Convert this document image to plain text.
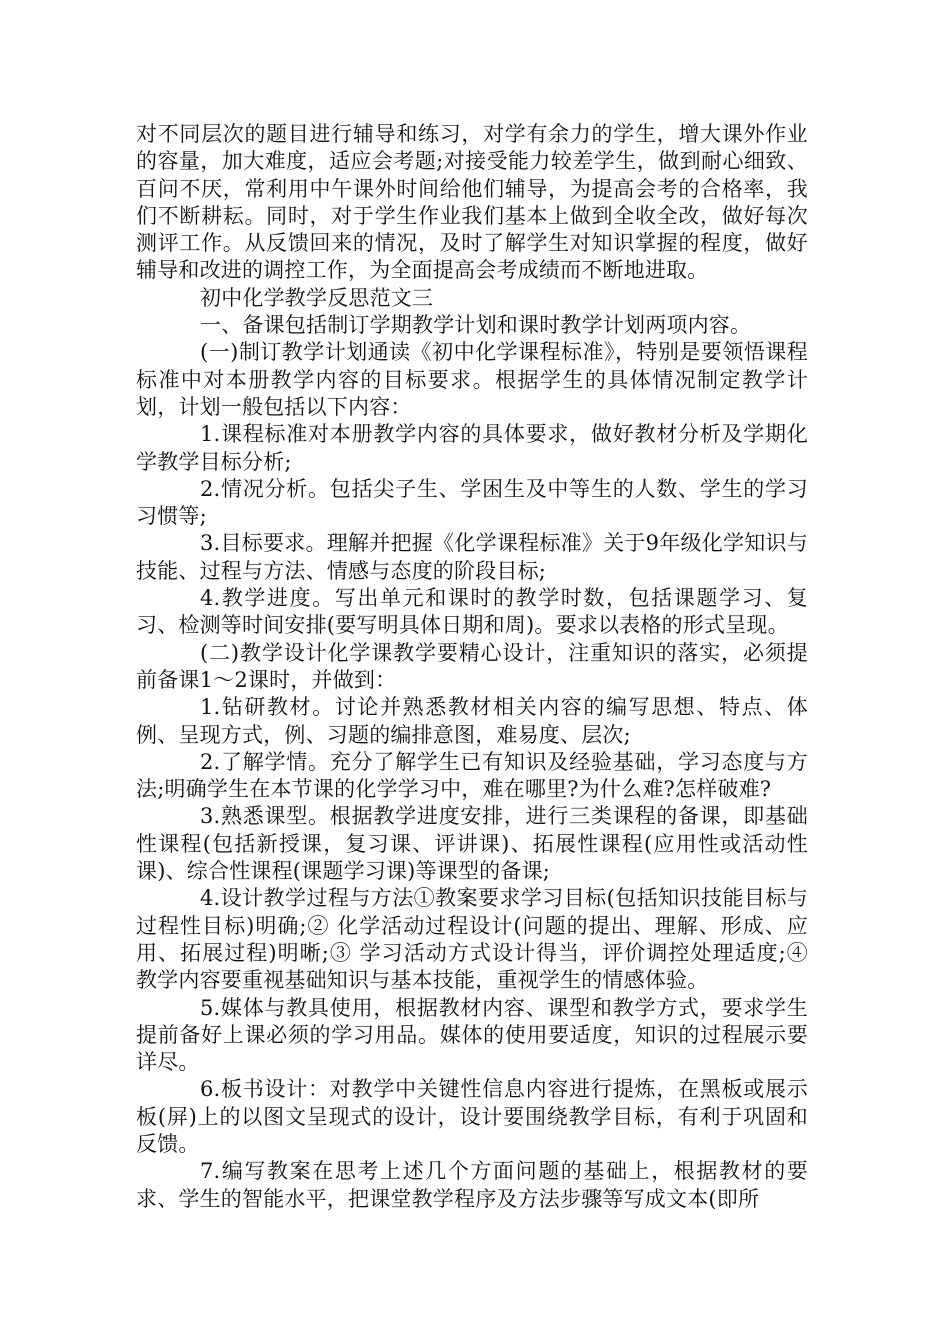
对不同层次的题目进行辅导和练习，对学有余力的学生，增大课外作业的容量，加大难度，适应会考题;对接受能力较差学生，做到耐心细致、百问不厌，常利用中午课外时间给他们辅导，为提高会考的合格率，我们不断耕耘。同时，对于学生作业我们基本上做到全收全改，做好每次测评工作。从反馈回来的情况，及时了解学生对知识掌握的程度，做好辅导和改进的调控工作，为全面提高会考成绩而不断地进取。

初中化学教学反思范文三

一、备课包括制订学期教学计划和课时教学计划两项内容。

(一)制订教学计划通读《初中化学课程标准》，特别是要领悟课程标准中对本册教学内容的目标要求。根据学生的具体情况制定教学计划，计划一般包括以下内容：

1.课程标准对本册教学内容的具体要求，做好教材分析及学期化学教学目标分析;

2.情况分析。包括尖子生、学困生及中等生的人数、学生的学习习惯等;

3.目标要求。理解并把握《化学课程标准》关于9年级化学知识与技能、过程与方法、情感与态度的阶段目标;

4.教学进度。写出单元和课时的教学时数，包括课题学习、复习、检测等时间安排(要写明具体日期和周)。要求以表格的形式呈现。

(二)教学设计化学课教学要精心设计，注重知识的落实，必须提前备课1～2课时，并做到：

1.钻研教材。讨论并熟悉教材相关内容的编写思想、特点、体例、呈现方式，例、习题的编排意图，难易度、层次;

2.了解学情。充分了解学生已有知识及经验基础，学习态度与方法;明确学生在本节课的化学学习中，难在哪里?为什么难?怎样破难?

3.熟悉课型。根据教学进度安排，进行三类课程的备课，即基础性课程(包括新授课，复习课、评讲课)、拓展性课程(应用性或活动性课)、综合性课程(课题学习课)等课型的备课;

4.设计教学过程与方法①教案要求学习目标(包括知识技能目标与过程性目标)明确;② 化学活动过程设计(问题的提出、理解、形成、应用、拓展过程)明晰;③ 学习活动方式设计得当，评价调控处理适度;④ 教学内容要重视基础知识与基本技能，重视学生的情感体验。

5.媒体与教具使用，根据教材内容、课型和教学方式，要求学生提前备好上课必须的学习用品。媒体的使用要适度，知识的过程展示要详尽。

6.板书设计：对教学中关键性信息内容进行提炼，在黑板或展示板(屏)上的以图文呈现式的设计，设计要围绕教学目标，有利于巩固和反馈。

7.编写教案在思考上述几个方面问题的基础上，根据教材的要求、学生的智能水平，把课堂教学程序及方法步骤等写成文本(即所
